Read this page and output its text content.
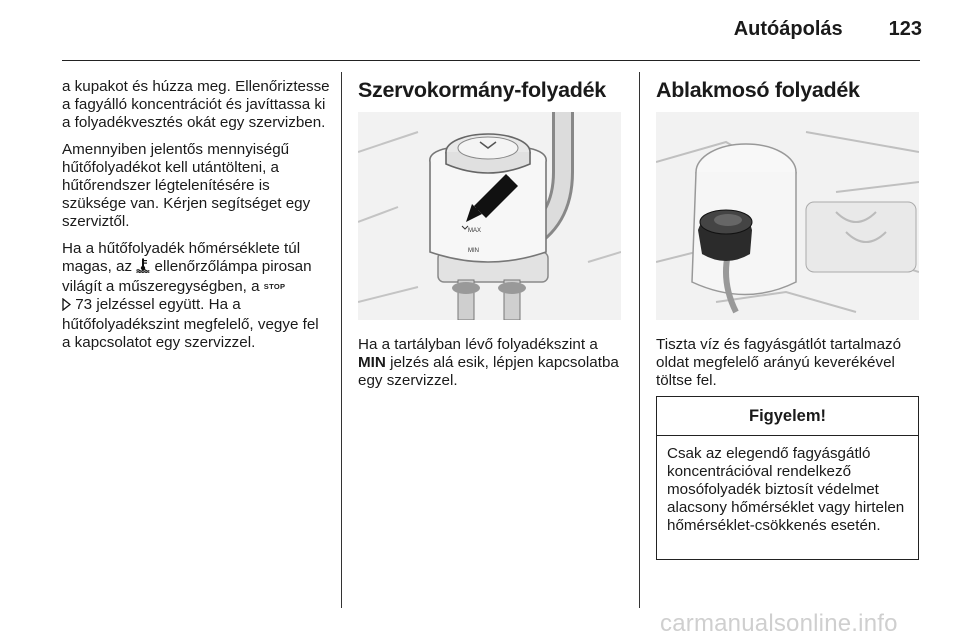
Autóápolás 123

a kupakot és húzza meg. Ellenőriztesse a fagyálló koncentrációt és javíttassa ki a folyadékvesztés okát egy szervizben.

Amennyiben jelentős mennyiségű hűtőfolyadékot kell utántölteni, a hűtőrendszer légtelenítésére is szüksége van. Kérjen segítséget egy szerviztől.

Ha a hűtőfolyadék hőmérséklete túl magas, az ellenőrzőlámpa pirosan világít a műszeregységben, a STOP
73 jelzéssel együtt. Ha a hűtőfolyadékszint megfelelő, vegye fel a kapcsolatot egy szervizzel.

Szervokormány-folyadék
MAX
MIN

Ha a tartályban lévő folyadékszint a MIN jelzés alá esik, lépjen kapcsolatba egy szervizzel.

Ablakmosó folyadék

Tiszta víz és fagyásgátlót tartalmazó oldat megfelelő arányú keverékével töltse fel.

Figyelem!
Csak az elegendő fagyásgátló koncentrációval rendelkező mosófolyadék biztosít védelmet alacsony hőmérséklet vagy hirtelen hőmérséklet-csökkenés esetén.
carmanualsonline.info
